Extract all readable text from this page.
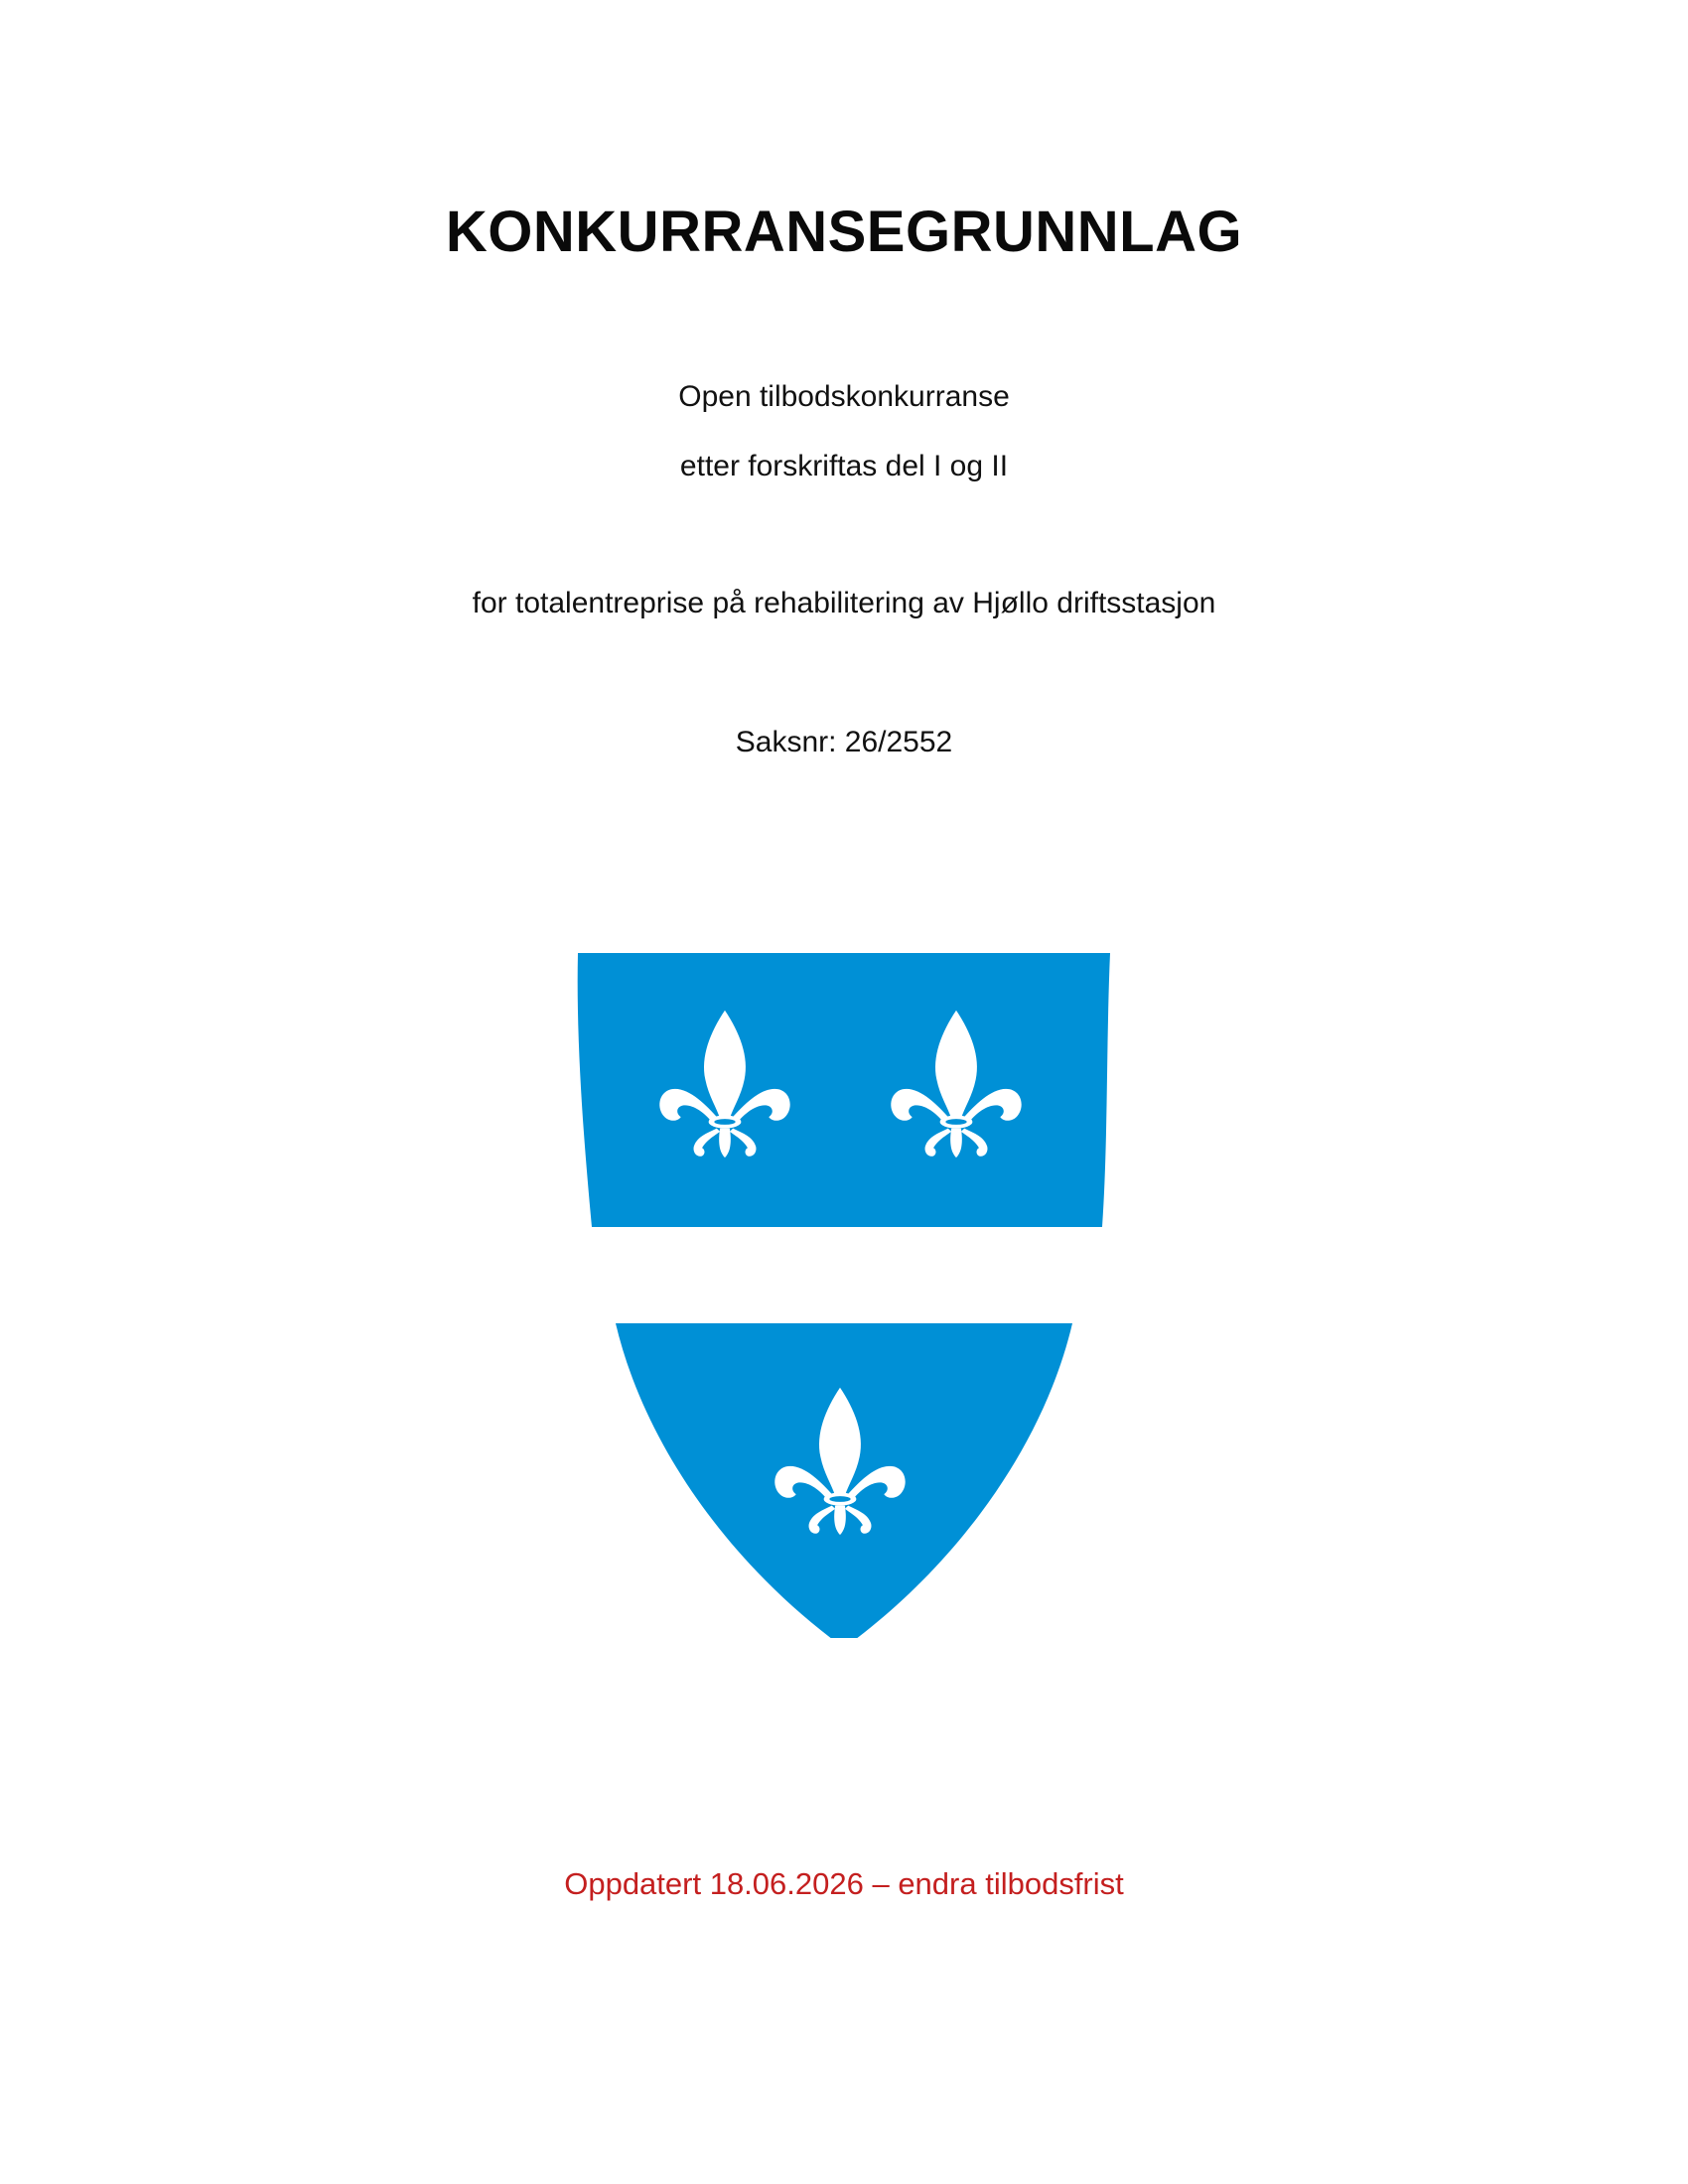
KONKURRANSEGRUNNLAG
Open tilbodskonkurranse
etter forskriftas del I og II
for totalentreprise på rehabilitering av Hjøllo driftsstasjon
Saksnr: 26/2552
Oppdatert 18.06.2026 – endra tilbodsfrist
